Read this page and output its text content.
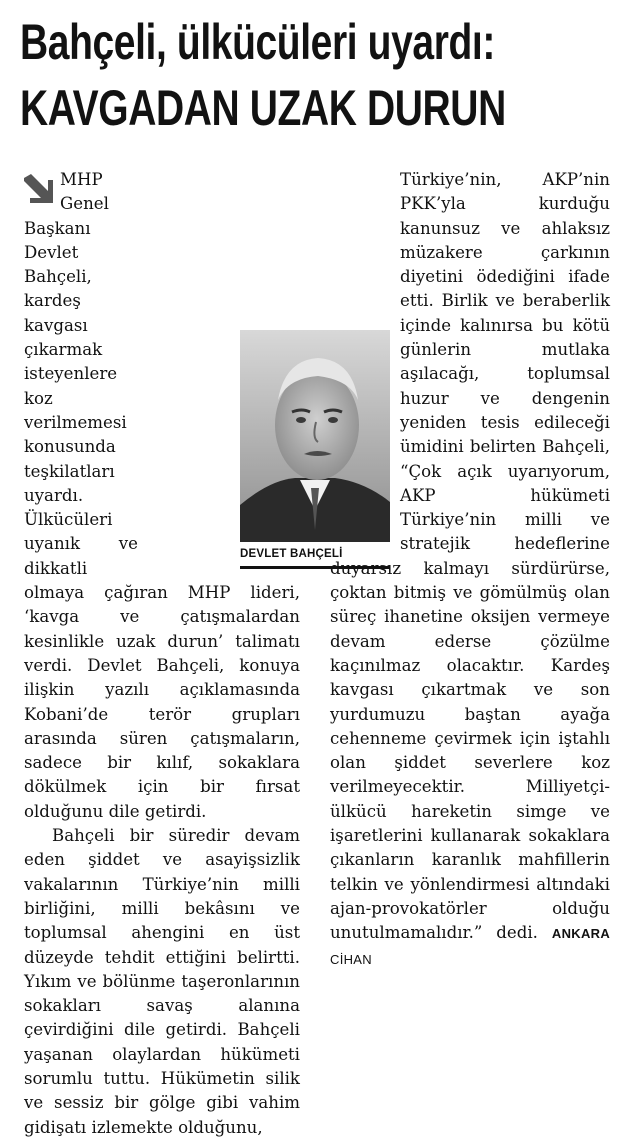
Bahçeli, ülkücüleri uyardı:
KAVGADAN UZAK DURUN

MHP Genel Başkanı Devlet Bahçeli, kardeş kavgası çıkarmak isteyenlere koz verilmemesi konusunda teşkilatları uyardı. Ülkücüleri uyanık ve dikkatli olmaya çağıran MHP lideri, ‘kavga ve çatışmalardan kesinlikle uzak durun’ talimatı verdi. Devlet Bahçeli, konuya ilişkin yazılı açıklamasında Kobani’de terör grupları arasında süren çatışmaların, sadece bir kılıf, sokaklara dökülmek için bir fırsat olduğunu dile getirdi.

Bahçeli bir süredir devam eden şiddet ve asayişsizlik vakalarının Türkiye’nin milli birliğini, milli bekâsını ve toplumsal ahengini en üst düzeyde tehdit ettiğini belirtti. Yıkım ve bölünme taşeronlarının sokakları savaş alanına çevirdiğini dile getirdi. Bahçeli yaşanan olaylardan hükümeti sorumlu tuttu. Hükümetin silik ve sessiz bir gölge gibi vahim gidişatı izlemekte olduğunu,

Türkiye’nin, AKP’nin PKK’yla kurduğu kanunsuz ve ahlaksız müzakere çarkının diyetini ödediğini ifade etti. Birlik ve beraberlik içinde kalınırsa bu kötü günlerin mutlaka aşılacağı, toplumsal huzur ve dengenin yeniden tesis edileceği ümidini belirten Bahçeli, “Çok açık uyarıyorum, AKP hükümeti Türkiye’nin milli ve stratejik hedeflerine duyarsız kalmayı sürdürürse, çoktan bitmiş ve gömülmüş olan süreç ihanetine oksijen vermeye devam ederse çözülme kaçınılmaz olacaktır. Kardeş kavgası çıkartmak ve son yurdumuzu baştan ayağa cehenneme çevirmek için iştahlı olan şiddet severlere koz verilmeyecektir. Milliyetçi-ülkücü hareketin simge ve işaretlerini kullanarak sokaklara çıkanların karanlık mahfillerin telkin ve yönlendirmesi altındaki ajan-provokatörler olduğu unutulmamalıdır.” dedi. ANKARA CİHAN

DEVLET BAHÇELİ
